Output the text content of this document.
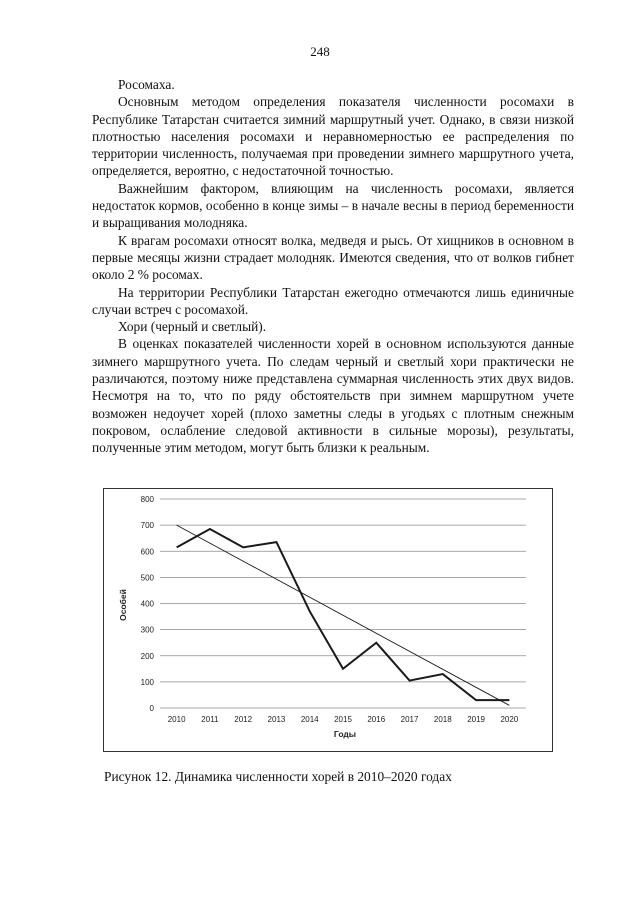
248

Росомаха.

Основным методом определения показателя численности росомахи в Республике Татарстан считается зимний маршрутный учет. Однако, в связи низкой плотностью населения росомахи и неравномерностью ее распределения по территории численность, получаемая при проведении зимнего маршрутного учета, определяется, вероятно, с недостаточной точностью.

Важнейшим фактором, влияющим на численность росомахи, является недостаток кормов, особенно в конце зимы – в начале весны в период беременности и выращивания молодняка.

К врагам росомахи относят волка, медведя и рысь. От хищников в основном в первые месяцы жизни страдает молодняк. Имеются сведения, что от волков гибнет около 2 % росомах.

На территории Республики Татарстан ежегодно отмечаются лишь единичные случаи встреч с росомахой.

Хори (черный и светлый).

В оценках показателей численности хорей в основном используются данные зимнего маршрутного учета. По следам черный и светлый хори практически не различаются, поэтому ниже представлена суммарная численность этих двух видов. Несмотря на то, что по ряду обстоятельств при зимнем маршрутном учете возможен недоучет хорей (плохо заметны следы в угодьях с плотным снежным покровом, ослабление следовой активности в сильные морозы), результаты, полученные этим методом, могут быть близки к реальным.

0
100
200
300
400
500
600
700
800
2010 2011 2012 2013 2014 2015 2016 2017 2018 2019 2020
Годы
Особей
Рисунок 12. Динамика численности хорей в 2010–2020 годах
